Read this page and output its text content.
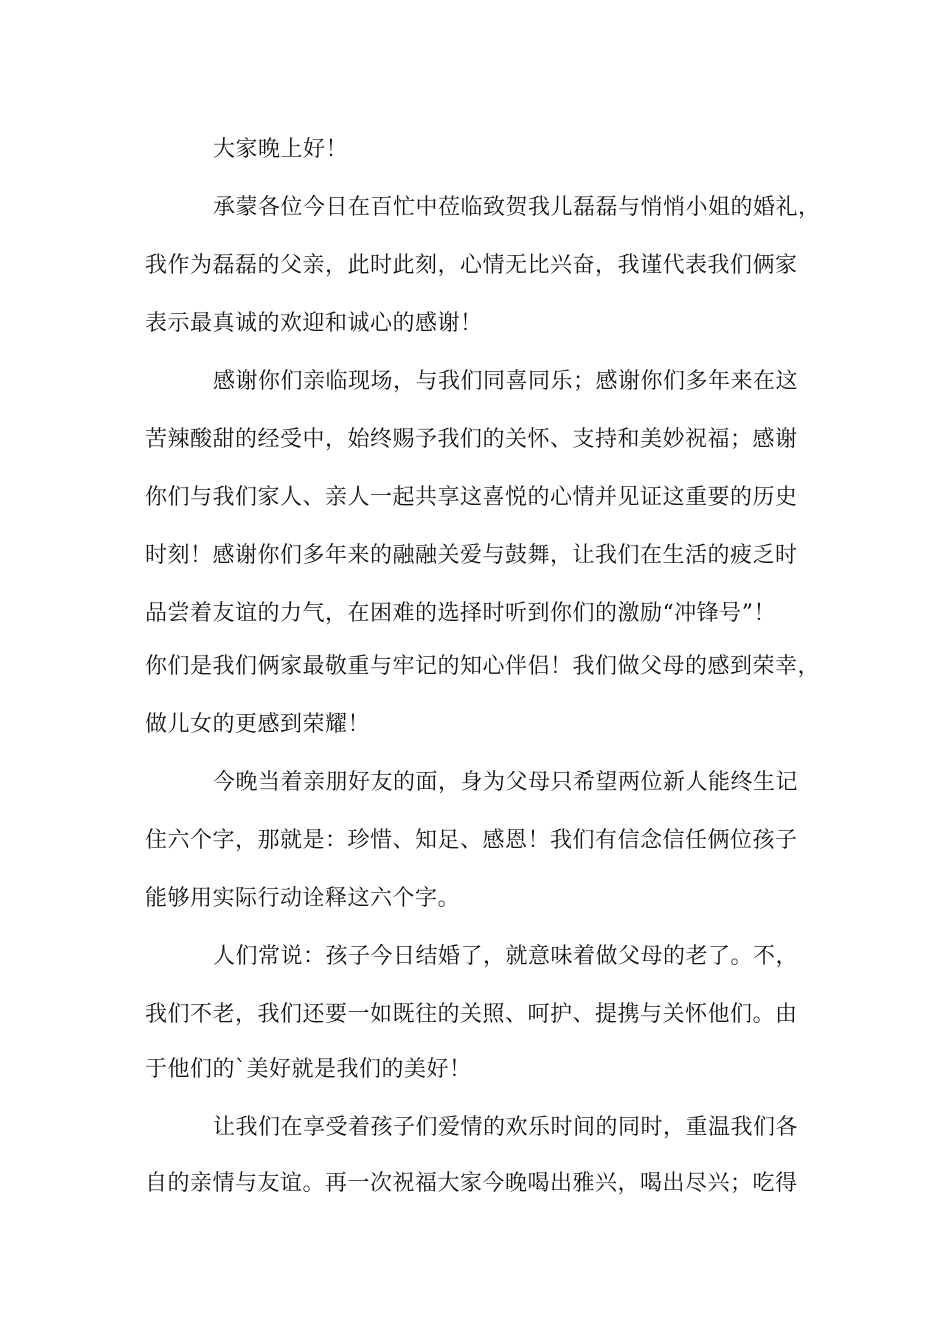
大家晚上好！
承蒙各位今日在百忙中莅临致贺我儿磊磊与悄悄小姐的婚礼，
我作为磊磊的父亲，此时此刻，心情无比兴奋，我谨代表我们俩家
表示最真诚的欢迎和诚心的感谢！
感谢你们亲临现场，与我们同喜同乐；感谢你们多年来在这
苦辣酸甜的经受中，始终赐予我们的关怀、支持和美妙祝福；感谢
你们与我们家人、亲人一起共享这喜悦的心情并见证这重要的历史
时刻！感谢你们多年来的融融关爱与鼓舞，让我们在生活的疲乏时
品尝着友谊的力气，在困难的选择时听到你们的激励“冲锋号”！
你们是我们俩家最敬重与牢记的知心伴侣！我们做父母的感到荣幸，
做儿女的更感到荣耀！
今晚当着亲朋好友的面，身为父母只希望两位新人能终生记
住六个字，那就是：珍惜、知足、感恩！我们有信念信任俩位孩子
能够用实际行动诠释这六个字。
人们常说：孩子今日结婚了，就意味着做父母的老了。不，
我们不老，我们还要一如既往的关照、呵护、提携与关怀他们。由
于他们的`美好就是我们的美好！
让我们在享受着孩子们爱情的欢乐时间的同时，重温我们各
自的亲情与友谊。再一次祝福大家今晚喝出雅兴，喝出尽兴；吃得
